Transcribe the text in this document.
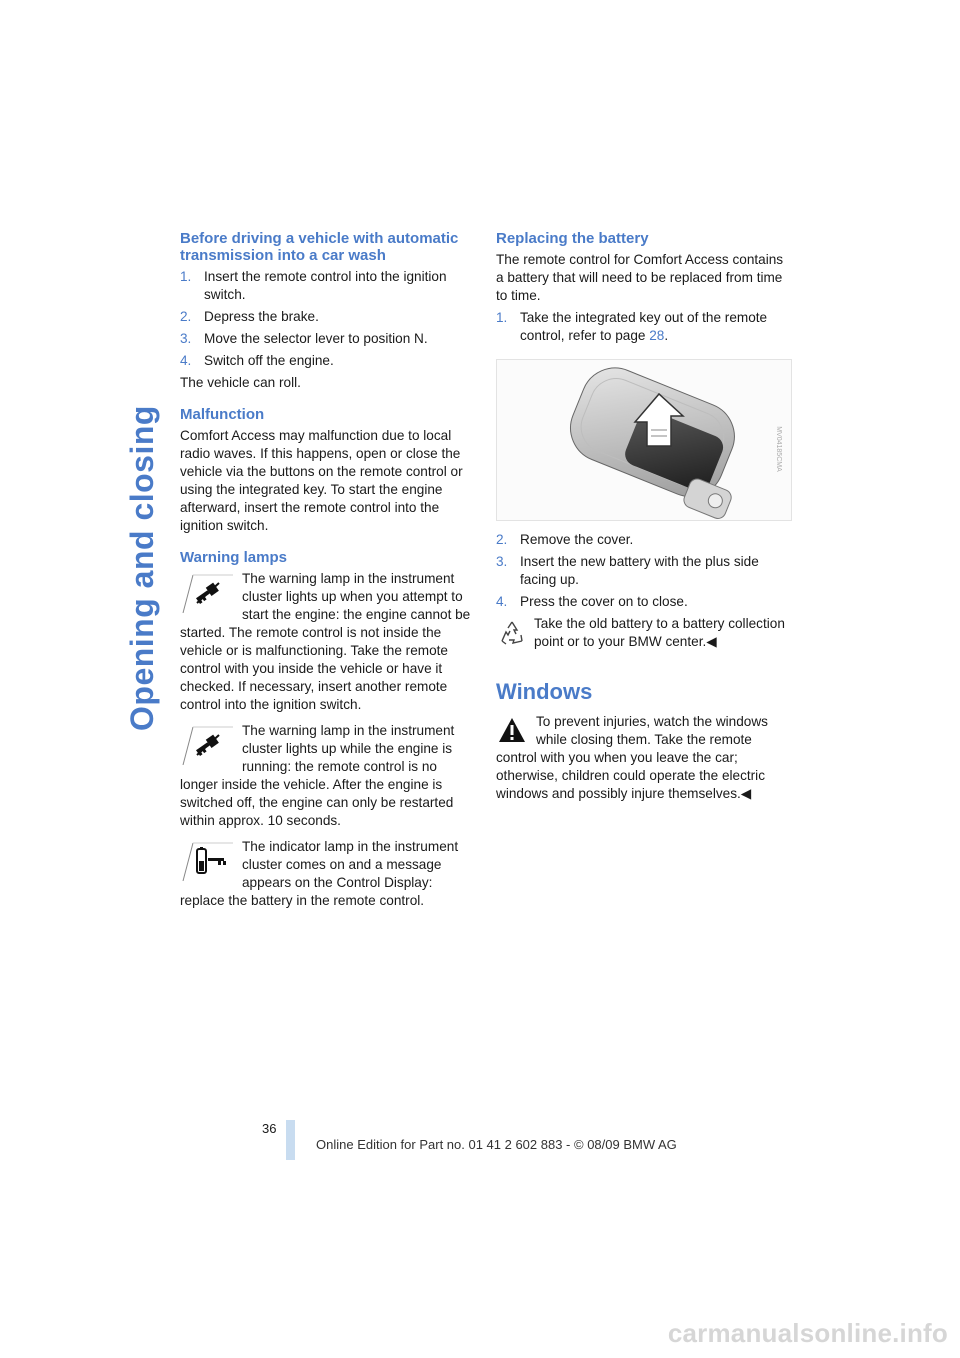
Opening and closing
Before driving a vehicle with automatic transmission into a car wash
1. Insert the remote control into the ignition switch.
2. Depress the brake.
3. Move the selector lever to position N.
4. Switch off the engine.

The vehicle can roll.

Malfunction

Comfort Access may malfunction due to local radio waves. If this happens, open or close the vehicle via the buttons on the remote control or using the integrated key. To start the engine afterward, insert the remote control into the ignition switch.

Warning lamps
The warning lamp in the instrument cluster lights up when you attempt to start the engine: the engine cannot be started. The remote control is not inside the vehicle or is malfunctioning. Take the remote control with you inside the vehicle or have it checked. If necessary, insert another remote control into the ignition switch.
The warning lamp in the instrument cluster lights up while the engine is running: the remote control is no longer inside the vehicle. After the engine is switched off, the engine can only be restarted within approx. 10 seconds.
The indicator lamp in the instrument cluster comes on and a message appears on the Control Display: replace the battery in the remote control.
Replacing the battery

The remote control for Comfort Access contains a battery that will need to be replaced from time to time.

1. Take the integrated key out of the remote control, refer to page 28.
MV04185CMA
2. Remove the cover.
3. Insert the new battery with the plus side facing up.
4. Press the cover on to close.
Take the old battery to a battery collection point or to your BMW center.◀
Windows
To prevent injuries, watch the windows while closing them. Take the remote control with you when you leave the car; otherwise, children could operate the electric windows and possibly injure themselves.◀
36
Online Edition for Part no. 01 41 2 602 883 - © 08/09 BMW AG
carmanualsonline.info
